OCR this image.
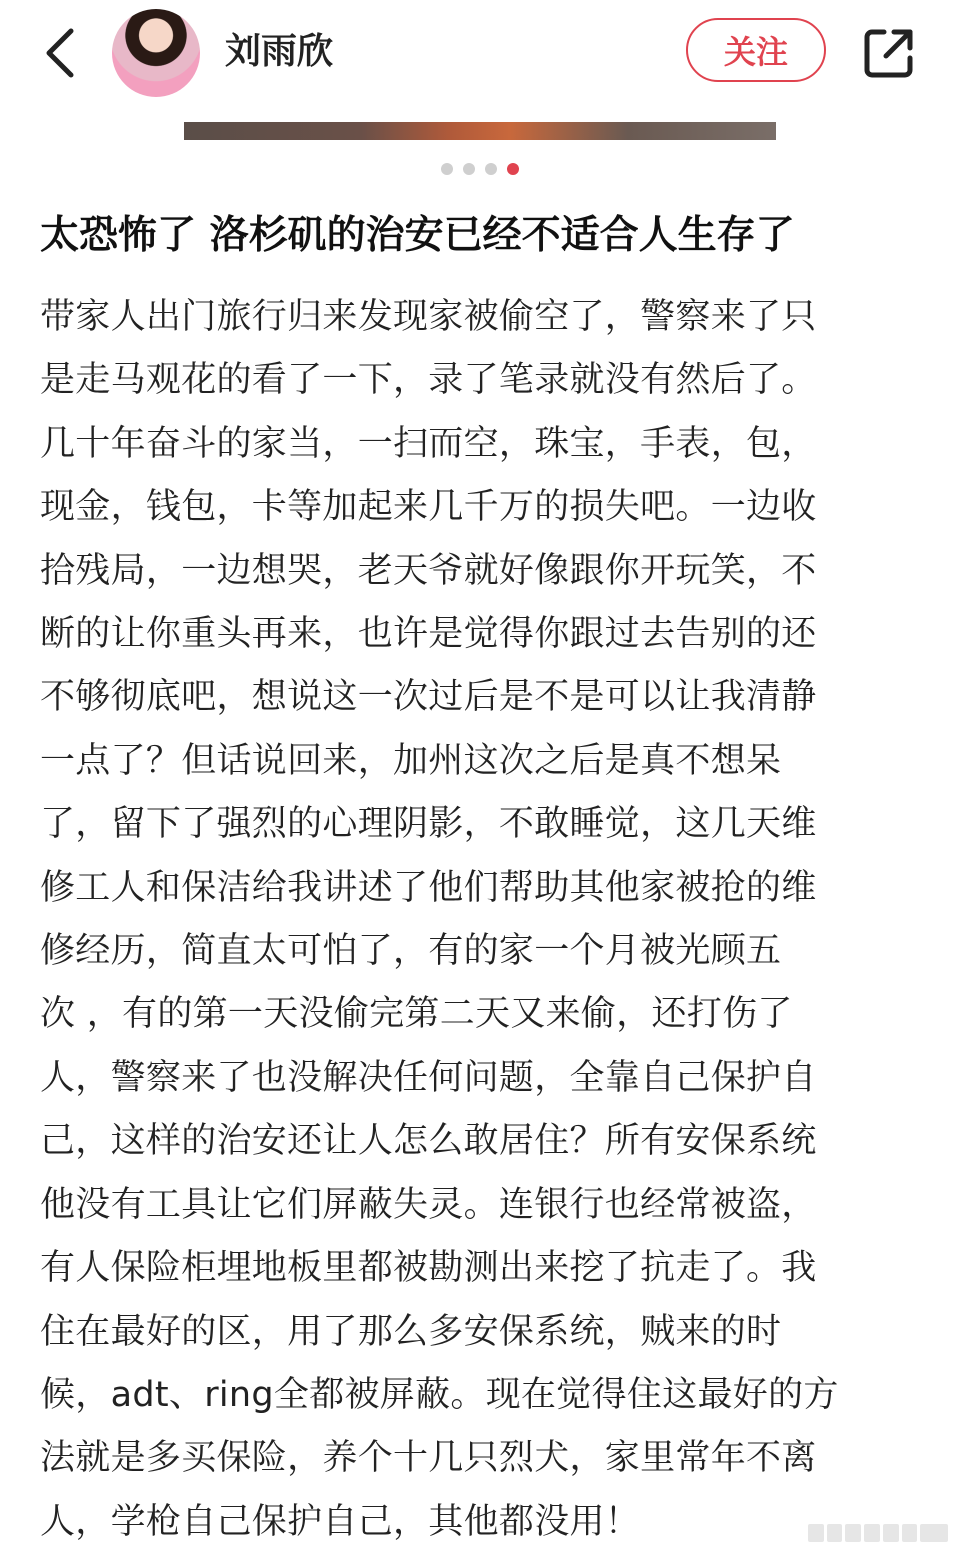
刘雨欣	关注
太恐怖了 洛杉矶的治安已经不适合人生存了
带家人出门旅行归来发现家被偷空了，警察来了只
是走马观花的看了一下，录了笔录就没有然后了。
几十年奋斗的家当，一扫而空，珠宝，手表，包，
现金，钱包，卡等加起来几千万的损失吧。一边收
拾残局，一边想哭，老天爷就好像跟你开玩笑，不
断的让你重头再来，也许是觉得你跟过去告别的还
不够彻底吧，想说这一次过后是不是可以让我清静
一点了？但话说回来，加州这次之后是真不想呆
了，留下了强烈的心理阴影，不敢睡觉，这几天维
修工人和保洁给我讲述了他们帮助其他家被抢的维
修经历，简直太可怕了，有的家一个月被光顾五
次 ，有的第一天没偷完第二天又来偷，还打伤了
人，警察来了也没解决任何问题，全靠自己保护自
己，这样的治安还让人怎么敢居住？所有安保系统
他没有工具让它们屏蔽失灵。连银行也经常被盗，
有人保险柜埋地板里都被勘测出来挖了抗走了。我
住在最好的区，用了那么多安保系统，贼来的时
候，adt、ring全都被屏蔽。现在觉得住这最好的方
法就是多买保险，养个十几只烈犬，家里常年不离
人，学枪自己保护自己，其他都没用！
